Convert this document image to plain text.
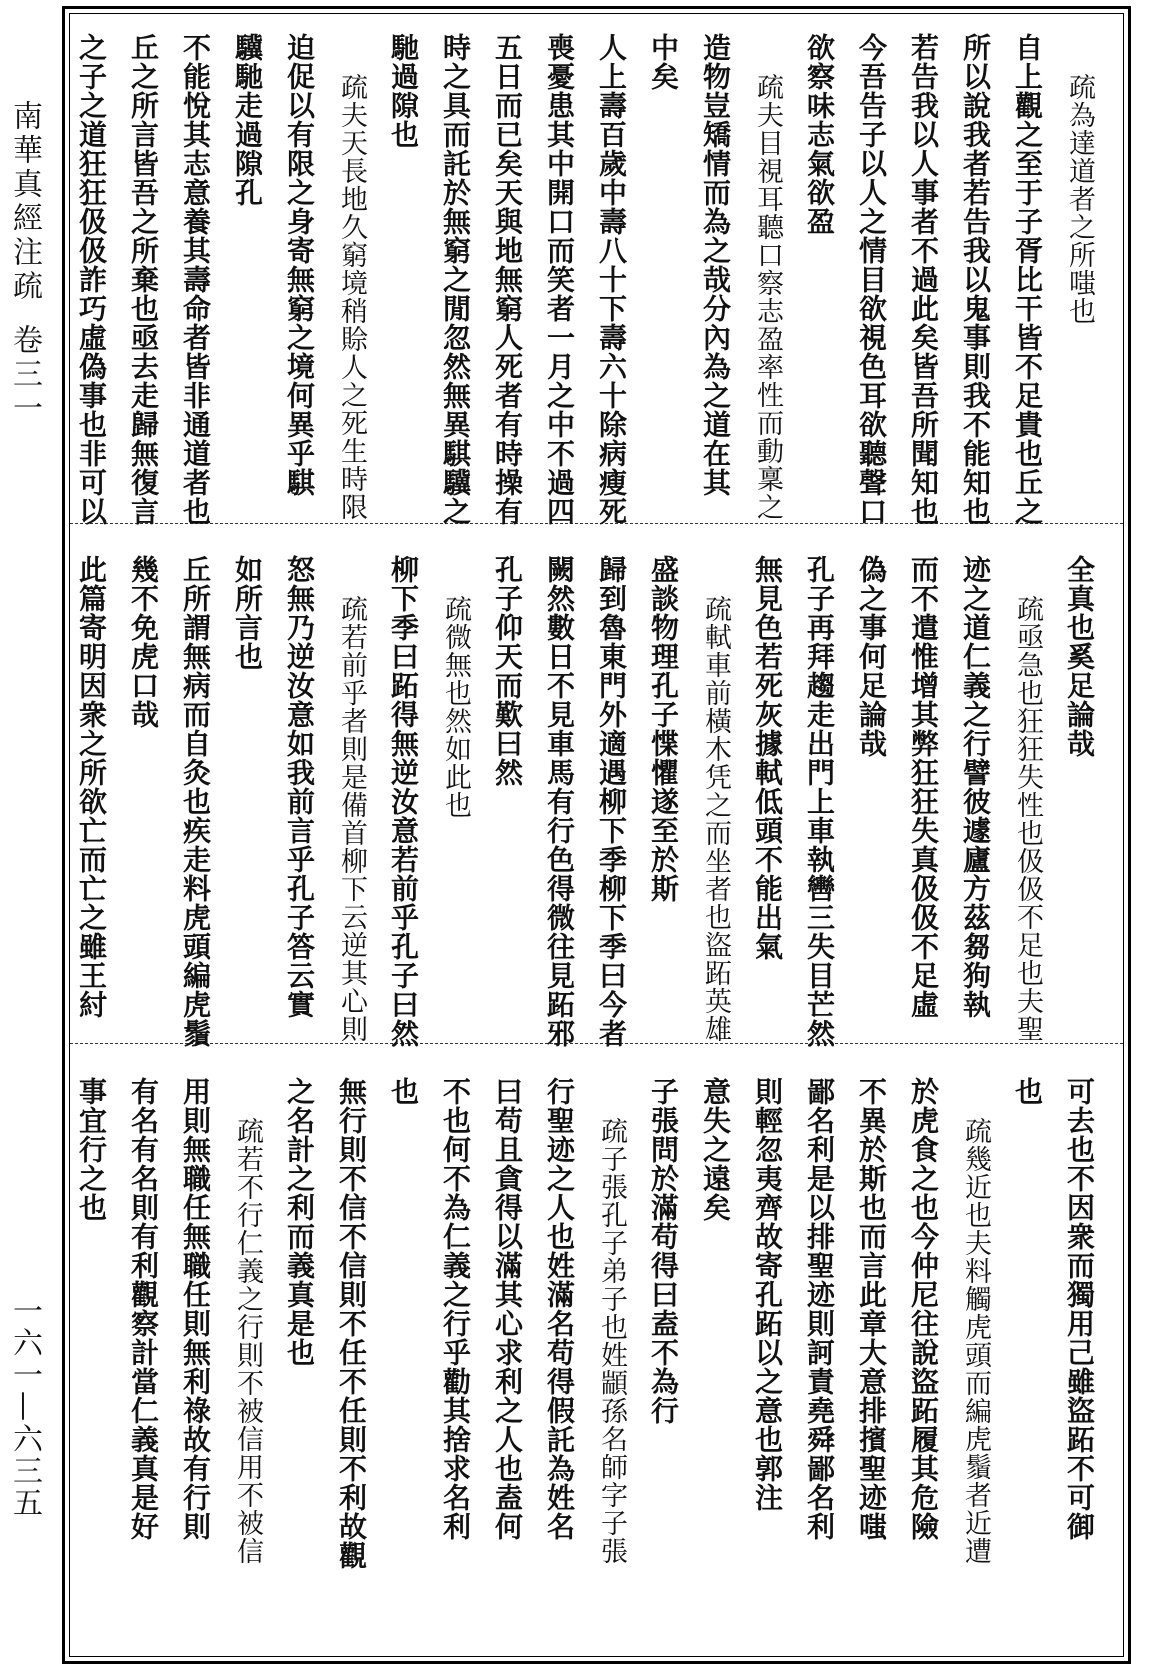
南華真經注疏卷三一
一六一—六三五
疏為達道者之所嗤也
自上觀之至于子胥比干皆不足貴也丘之
所以說我者若告我以鬼事則我不能知也
若告我以人事者不過此矣皆吾所聞知也
今吾告子以人之情目欲視色耳欲聽聲口
欲察味志氣欲盈
疏夫目視耳聽口察志盈率性而動稟之
造物豈矯情而為之哉分內為之道在其
中矣
人上壽百歲中壽八十下壽六十除病瘦死
喪憂患其中開口而笑者一月之中不過四
五日而已矣天與地無窮人死者有時操有
時之具而託於無窮之閒忽然無異騏驥之
馳過隙也
疏夫天長地久窮境稍賒人之死生時限
迫促以有限之身寄無窮之境何異乎騏
驥馳走過隙孔
不能悅其志意養其壽命者皆非通道者也
丘之所言皆吾之所棄也亟去走歸無復言
之子之道狂狂伋伋詐巧虛偽事也非可以
全真也奚足論哉
疏亟急也狂狂失性也伋伋不足也夫聖
迹之道仁義之行譬彼遽廬方茲芻狗執
而不遣惟增其弊狂狂失真伋伋不足虛
偽之事何足論哉
孔子再拜趨走出門上車執轡三失目芒然
無見色若死灰據軾低頭不能出氣
疏軾車前橫木凭之而坐者也盜跖英雄
盛談物理孔子惵懼遂至於斯
歸到魯東門外適遇柳下季柳下季曰今者
闕然數日不見車馬有行色得微往見跖邪
孔子仰天而歎曰然
疏微無也然如此也
柳下季曰跖得無逆汝意若前乎孔子曰然
疏若前乎者則是備首柳下云逆其心則
怒無乃逆汝意如我前言乎孔子答云實
如所言也
丘所謂無病而自灸也疾走料虎頭編虎鬚
幾不免虎口哉
此篇寄明因衆之所欲亡而亡之雖王紂
可去也不因衆而獨用己雖盜跖不可御
也
疏幾近也夫料觸虎頭而編虎鬚者近遭
於虎食之也今仲尼往說盜跖履其危險
不異於斯也而言此章大意排擯聖迹嗤
鄙名利是以排聖迹則訶責堯舜鄙名利
則輕忽夷齊故寄孔跖以之意也郭注
意失之遠矣
子張問於滿苟得曰盍不為行
疏子張孔子弟子也姓顓孫名師字子張
行聖迹之人也姓滿名苟得假託為姓名
曰苟且貪得以滿其心求利之人也盍何
不也何不為仁義之行乎勸其捨求名利
也
無行則不信不信則不任不任則不利故觀
之名計之利而義真是也
疏若不行仁義之行則不被信用不被信
用則無職任無職任則無利祿故有行則
有名有名則有利觀察計當仁義真是好
事宜行之也
